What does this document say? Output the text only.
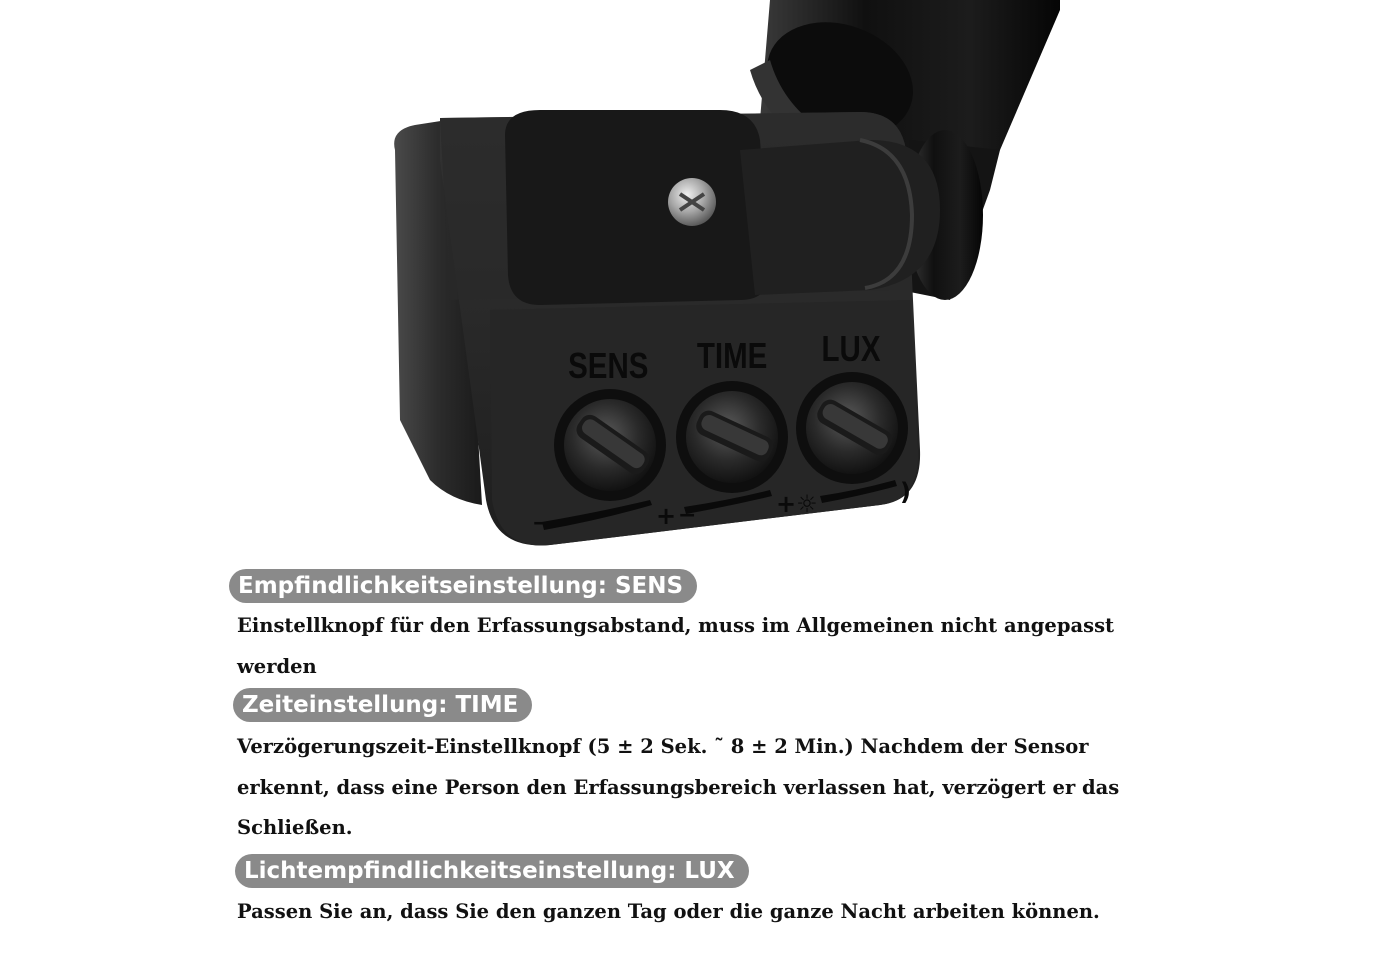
SENS TIME LUX
−	+ −	+☼	)
Empfindlichkeitseinstellung: SENS
Einstellknopf für den Erfassungsabstand, muss im Allgemeinen nicht angepasst
werden
Zeiteinstellung: TIME
Verzögerungszeit-Einstellknopf (5 ± 2 Sek. ˜ 8 ± 2 Min.) Nachdem der Sensor
erkennt, dass eine Person den Erfassungsbereich verlassen hat, verzögert er das
Schließen.
Lichtempfindlichkeitseinstellung: LUX
Passen Sie an, dass Sie den ganzen Tag oder die ganze Nacht arbeiten können.
